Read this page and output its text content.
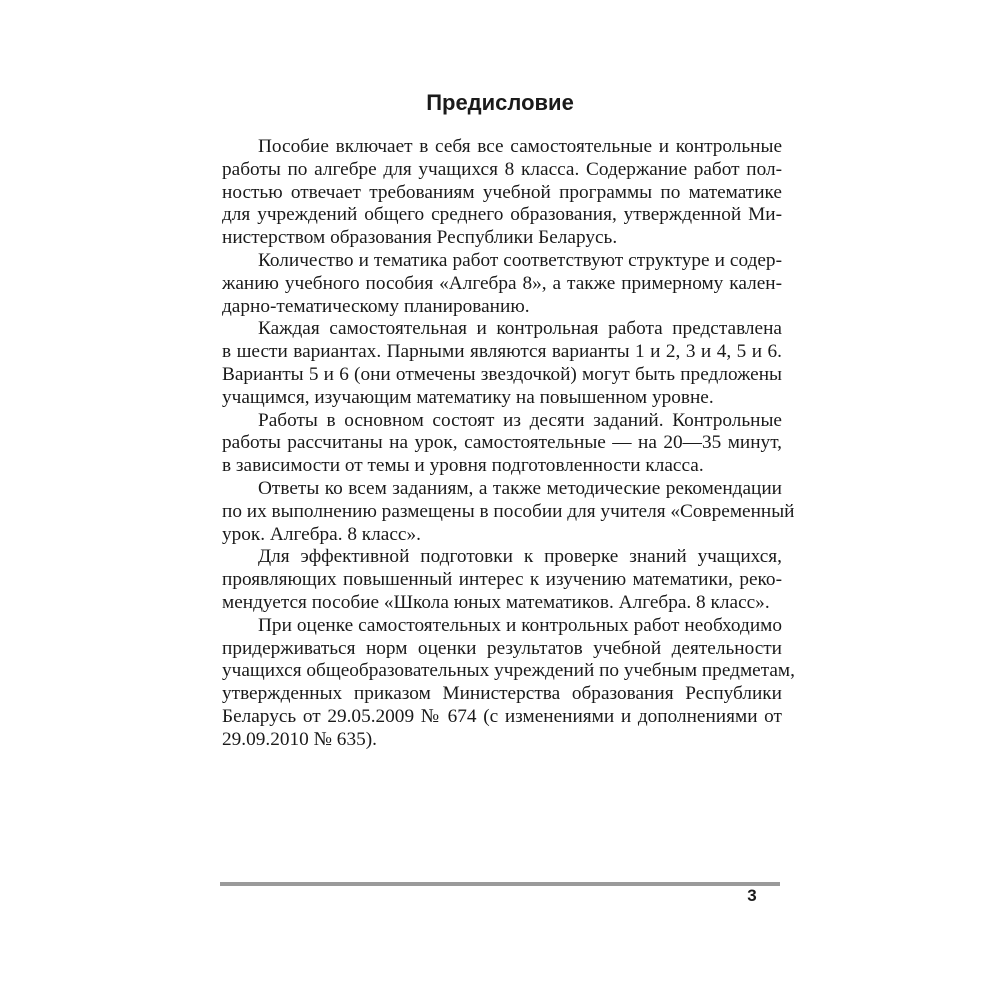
Предисловие

Пособие включает в себя все самостоятельные и контрольные
работы по алгебре для учащихся 8 класса. Содержание работ пол-
ностью отвечает требованиям учебной программы по математике
для учреждений общего среднего образования, утвержденной Ми-
нистерством образования Республики Беларусь.

Количество и тематика работ соответствуют структуре и содер-
жанию учебного пособия «Алгебра 8», а также примерному кален-
дарно-тематическому планированию.

Каждая самостоятельная и контрольная работа представлена
в шести вариантах. Парными являются варианты 1 и 2, 3 и 4, 5 и 6.
Варианты 5 и 6 (они отмечены звездочкой) могут быть предложены
учащимся, изучающим математику на повышенном уровне.

Работы в основном состоят из десяти заданий. Контрольные
работы рассчитаны на урок, самостоятельные — на 20—35 минут,
в зависимости от темы и уровня подготовленности класса.

Ответы ко всем заданиям, а также методические рекомендации
по их выполнению размещены в пособии для учителя «Современный
урок. Алгебра. 8 класс».

Для эффективной подготовки к проверке знаний учащихся,
проявляющих повышенный интерес к изучению математики, реко-
мендуется пособие «Школа юных математиков. Алгебра. 8 класс».

При оценке самостоятельных и контрольных работ необходимо
придерживаться норм оценки результатов учебной деятельности
учащихся общеобразовательных учреждений по учебным предметам,
утвержденных приказом Министерства образования Республики
Беларусь от 29.05.2009 № 674 (с изменениями и дополнениями от
29.09.2010 № 635).

3
